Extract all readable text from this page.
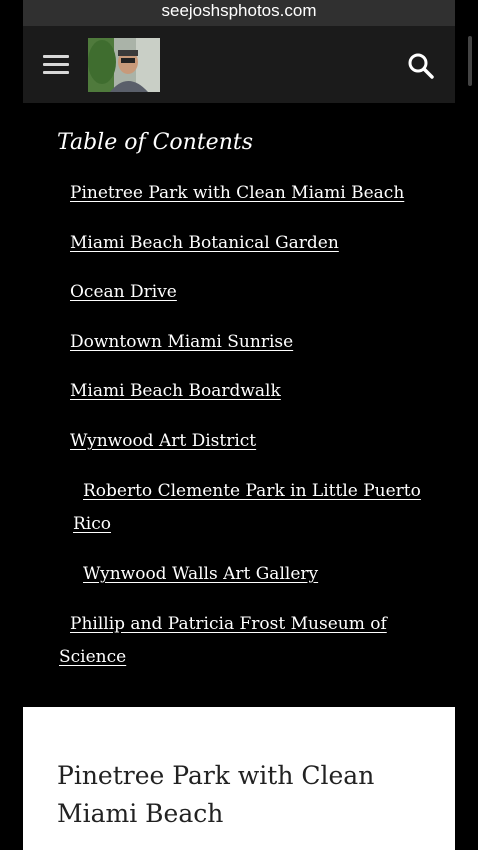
seejoshsphotos.com
Table of Contents
Pinetree Park with Clean Miami Beach
Miami Beach Botanical Garden
Ocean Drive
Downtown Miami Sunrise
Miami Beach Boardwalk
Wynwood Art District
Roberto Clemente Park in Little Puerto
Rico
Wynwood Walls Art Gallery
Phillip and Patricia Frost Museum of
Science
Pinetree Park with Clean Miami Beach
